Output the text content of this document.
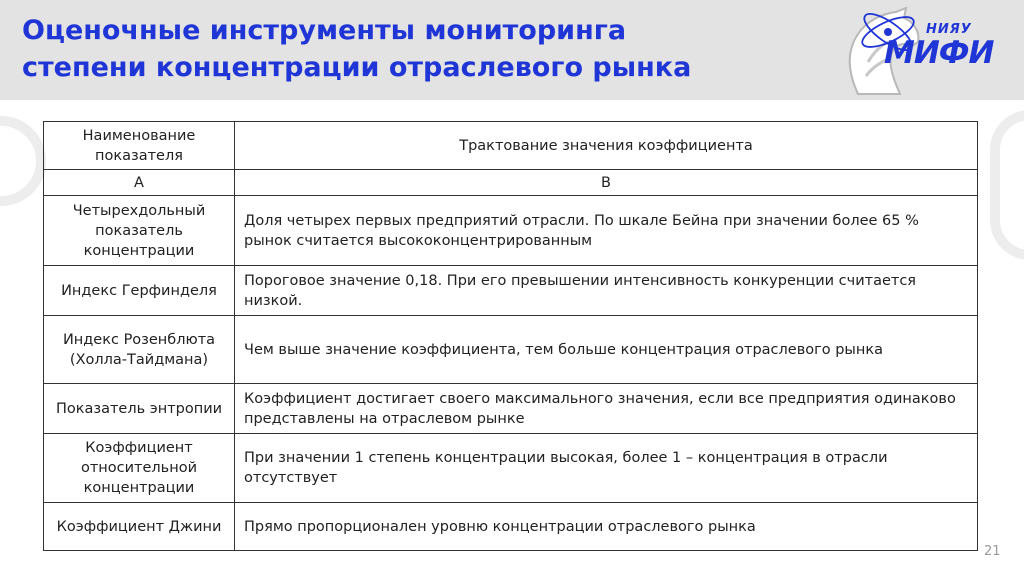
Оценочные инструменты мониторинга
степени концентрации отраслевого рынка
НИЯУ
МИФИ
Наименование показателя	Трактование значения коэффициента
А	В
Четырехдольный показатель концентрации	Доля четырех первых предприятий отрасли. По шкале Бейна при значении более 65 % рынок считается высококонцентрированным
Индекс Герфинделя	Пороговое значение 0,18. При его превышении интенсивность конкуренции считается низкой.
Индекс Розенблюта (Холла-Тайдмана)	Чем выше значение коэффициента, тем больше концентрация отраслевого рынка
Показатель энтропии	Коэффициент достигает своего максимального значения, если все предприятия одинаково представлены на отраслевом рынке
Коэффициент относительной концентрации	При значении 1 степень концентрации высокая, более 1 – концентрация в отрасли отсутствует
Коэффициент Джини	Прямо пропорционален уровню концентрации отраслевого рынка
21
